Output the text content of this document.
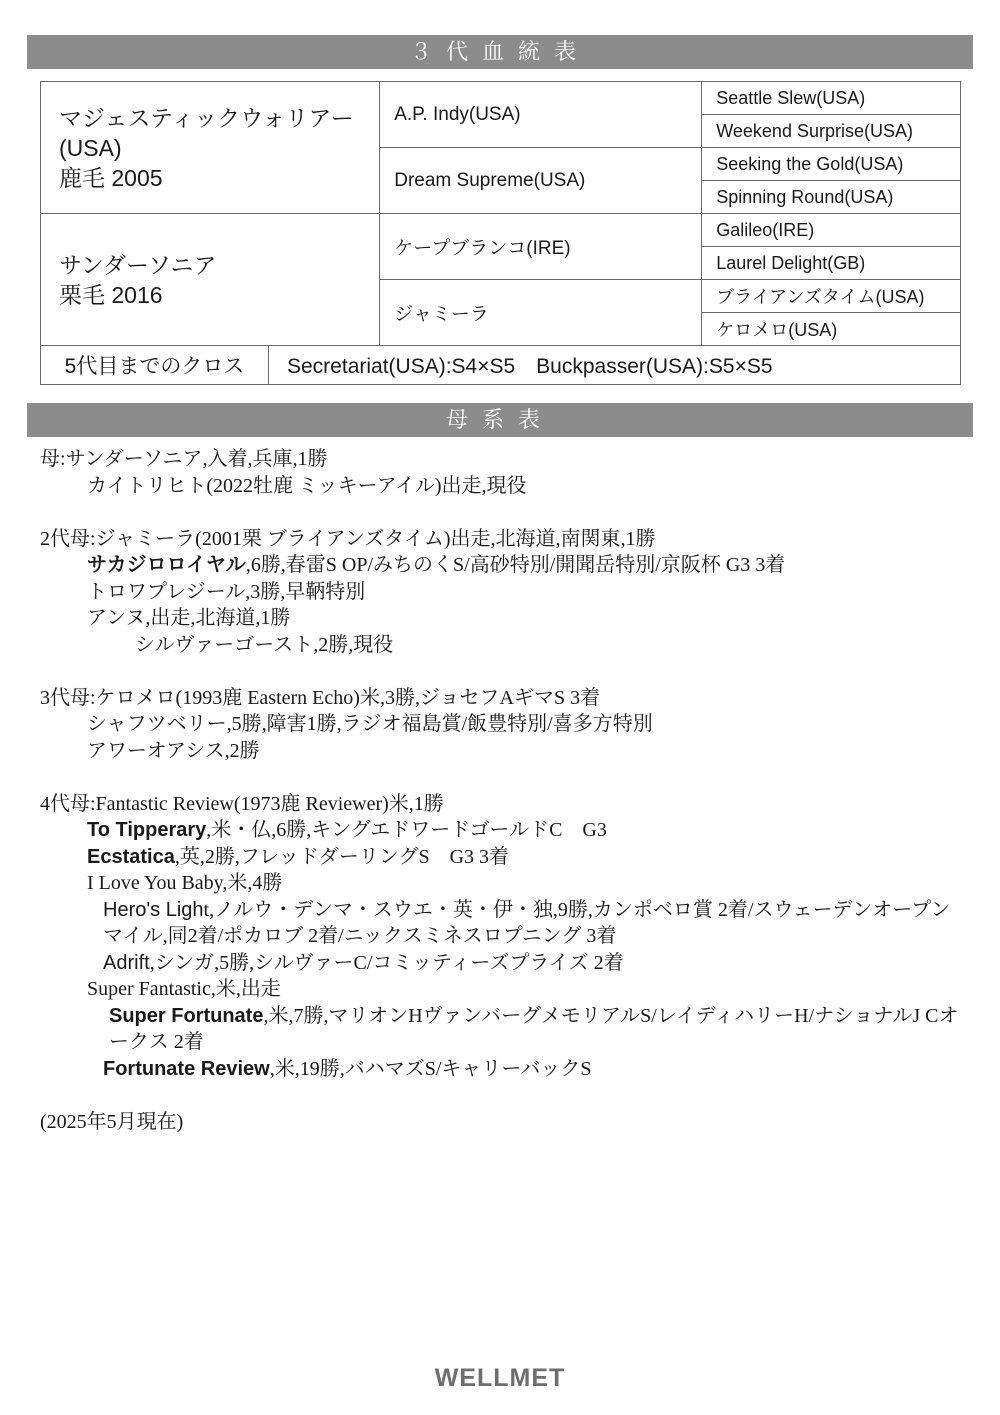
３代血統表
マジェスティックウォリアー
(USA)
鹿毛 2005		A.P. Indy(USA)	Seattle Slew(USA)
			Weekend Surprise(USA)
		Dream Supreme(USA)	Seeking the Gold(USA)
			Spinning Round(USA)

サンダーソニア
栗毛 2016		ケープブランコ(IRE)	Galileo(IRE)
			Laurel Delight(GB)
		ジャミーラ	ブライアンズタイム(USA)
			ケロメロ(USA)
5代目までのクロス	Secretariat(USA):S4×S5　Buckpasser(USA):S5×S5		
母系表
母:サンダーソニア,入着,兵庫,1勝
カイトリヒト(2022牡鹿 ミッキーアイル)出走,現役
2代母:ジャミーラ(2001栗 ブライアンズタイム)出走,北海道,南関東,1勝
サカジロロイヤル,6勝,春雷S OP/みちのくS/高砂特別/開聞岳特別/京阪杯 G3 3着
トロワプレジール,3勝,早鞆特別
アンヌ,出走,北海道,1勝
シルヴァーゴースト,2勝,現役
3代母:ケロメロ(1993鹿 Eastern Echo)米,3勝,ジョセフAギマS 3着
シャフツベリー,5勝,障害1勝,ラジオ福島賞/飯豊特別/喜多方特別
アワーオアシス,2勝
4代母:Fantastic Review(1973鹿 Reviewer)米,1勝
To Tipperary,米・仏,6勝,キングエドワードゴールドC　G3
Ecstatica,英,2勝,フレッドダーリングS　G3 3着
I Love You Baby,米,4勝
Hero's Light,ノルウ・デンマ・スウエ・英・伊・独,9勝,カンポベロ賞 2着/スウェーデンオープンマイル,同2着/ポカロブ 2着/ニックスミネスロプニング 3着
Adrift,シンガ,5勝,シルヴァーC/コミッティーズプライズ 2着
Super Fantastic,米,出走
Super Fortunate,米,7勝,マリオンHヴァンバーグメモリアルS/レイディハリーH/ナショナルJ Cオークス 2着
Fortunate Review,米,19勝,バハマズS/キャリーバックS
(2025年5月現在)
WELLMET
